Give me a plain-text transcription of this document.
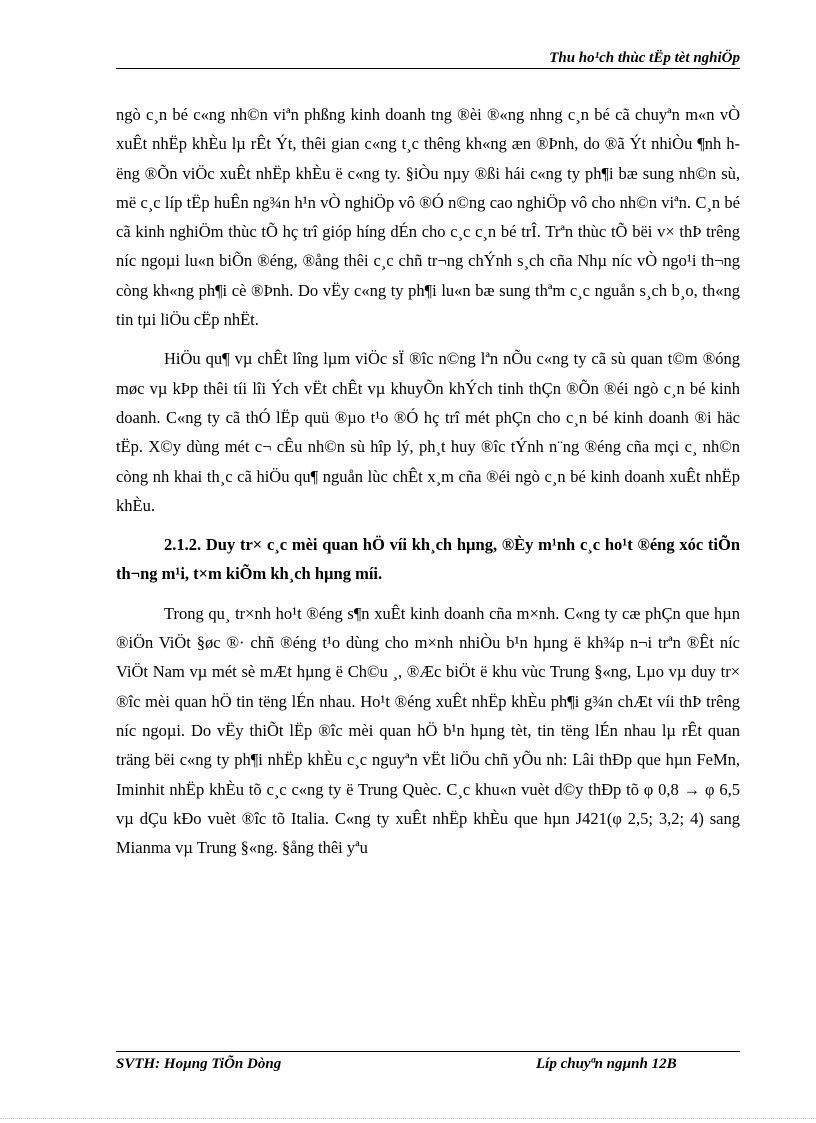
Thu ho¹ch thùc tËp tèt nghiÖp

ngò c¸n bé c«ng nh©n viªn phßng kinh doanh tng ®èi ®«ng nhng c¸n bé cã chuyªn m«n vÒ xuÊt nhËp khÈu lµ rÊt Ýt, thêi gian c«ng t¸c thêng kh«ng æn ®Þnh, do ®ã Ýt nhiÒu ¶nh hëng ®Õn viÖc xuÊt nhËp khÈu ë c«ng ty. §iÒu nµy ®ßi hái c«ng ty ph¶i bæ sung nh©n sù, më c¸c líp tËp huÊn ng¾n h¹n vÒ nghiÖp vô ®Ó n©ng cao nghiÖp vô cho nh©n viªn. C¸n bé cã kinh nghiÖm thùc tÕ hç trî gióp híng dÉn cho c¸c c¸n bé trÎ. Trªn thùc tÕ bëi v× thÞ trêng níc ngoµi lu«n biÕn ®éng, ®ång thêi c¸c chñ tr¬ng chÝnh s¸ch cña Nhµ níc vÒ ngo¹i th¬ng còng kh«ng ph¶i cè ®Þnh. Do vËy c«ng ty ph¶i lu«n bæ sung thªm c¸c nguån s¸ch b¸o, th«ng tin tµi liÖu cËp nhËt.

HiÖu qu¶ vµ chÊt lîng lµm viÖc sÏ ®îc n©ng lªn nÕu c«ng ty cã sù quan t©m ®óng møc vµ kÞp thêi tíi lîi Ých vËt chÊt vµ khuyÕn khÝch tinh thÇn ®Õn ®éi ngò c¸n bé kinh doanh. C«ng ty cã thÓ lËp quü ®µo t¹o ®Ó hç trî mét phÇn cho c¸n bé kinh doanh ®i häc tËp. X©y dùng mét c¬ cÊu nh©n sù hîp lý, ph¸t huy ®îc tÝnh n¨ng ®éng cña mçi c¸ nh©n còng nh khai th¸c cã hiÖu qu¶ nguån lùc chÊt x¸m cña ®éi ngò c¸n bé kinh doanh xuÊt nhËp khÈu.

2.1.2. Duy tr× c¸c mèi quan hÖ víi kh¸ch hµng, ®Èy m¹nh c¸c ho¹t ®éng xóc tiÕn th¬ng m¹i, t×m kiÕm kh¸ch hµng míi.

Trong qu¸ tr×nh ho¹t ®éng s¶n xuÊt kinh doanh cña m×nh. C«ng ty cæ phÇn que hµn ®iÖn ViÖt §øc ®· chñ ®éng t¹o dùng cho m×nh nhiÒu b¹n hµng ë kh¾p n¬i trªn ®Êt níc ViÖt Nam vµ mét sè mÆt hµng ë Ch©u ¸, ®Æc biÖt ë khu vùc Trung §«ng, Lµo vµ duy tr× ®îc mèi quan hÖ tin tëng lÉn nhau. Ho¹t ®éng xuÊt nhËp khÈu ph¶i g¾n chÆt víi thÞ trêng níc ngoµi. Do vËy thiÕt lËp ®îc mèi quan hÖ b¹n hµng tèt, tin tëng lÉn nhau lµ rÊt quan träng bëi c«ng ty ph¶i nhËp khÈu c¸c nguyªn vËt liÖu chñ yÕu nh: Lâi thÐp que hµn FeMn, Iminhit nhËp khÈu tõ c¸c c«ng ty ë Trung Quèc. C¸c khu«n vuèt d©y thÐp tõ φ 0,8 → φ 6,5 vµ dÇu kÐo vuèt ®îc tõ Italia. C«ng ty xuÊt nhËp khÈu que hµn J421(φ 2,5; 3,2; 4) sang Mianma vµ Trung §«ng. §ång thêi yªu

SVTH: Hoµng TiÕn Dòng	Líp chuyªn ngµnh 12B
